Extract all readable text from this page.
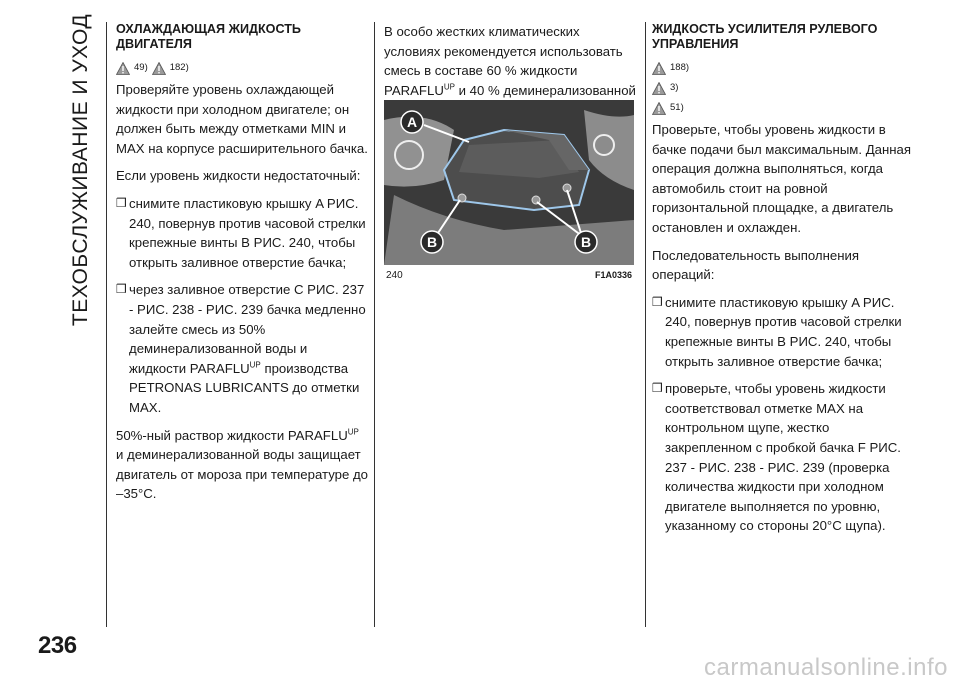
ТЕХОБСЛУЖИВАНИЕ И УХОД
236
ОХЛАЖДАЮЩАЯ ЖИДКОСТЬ ДВИГАТЕЛЯ
49) 182)

Проверяйте уровень охлаждающей жидкости при холодном двигателе; он должен быть между отметками MIN и MAX на корпусе расширительного бачка.

Если уровень жидкости недостаточный:

❒ снимите пластиковую крышку A РИС. 240, повернув против часовой стрелки крепежные винты B РИС. 240, чтобы открыть заливное отверстие бачка;
❒ через заливное отверстие C РИС. 237 - РИС. 238 - РИС. 239 бачка медленно залейте смесь из 50% деминерализованной воды и жидкости $PARAFLU^{UP}$ производства PETRONAS LUBRICANTS до отметки MAX.

50%-ный раствор жидкости $PARAFLU^{UP}$ и деминерализованной воды защищает двигатель от мороза при температуре до –35°C.

В особо жестких климатических условиях рекомендуется использовать смесь в составе 60 % жидкости $PARAFLU^{UP}$ и 40 % деминерализованной

A
B	B
240	F1A0336
ЖИДКОСТЬ УСИЛИТЕЛЯ РУЛЕВОГО УПРАВЛЕНИЯ
188)
3)
51)

Проверьте, чтобы уровень жидкости в бачке подачи был максимальным. Данная операция должна выполняться, когда автомобиль стоит на ровной горизонтальной площадке, а двигатель остановлен и охлажден.

Последовательность выполнения операций:

❒ снимите пластиковую крышку A РИС. 240, повернув против часовой стрелки крепежные винты B РИС. 240, чтобы открыть заливное отверстие бачка;
❒ проверьте, чтобы уровень жидкости соответствовал отметке MAX на контрольном щупе, жестко закрепленном с пробкой бачка F РИС. 237 - РИС. 238 - РИС. 239 (проверка количества жидкости при холодном двигателе выполняется по уровню, указанному со стороны 20°C щупа).
carmanualsonline.info
